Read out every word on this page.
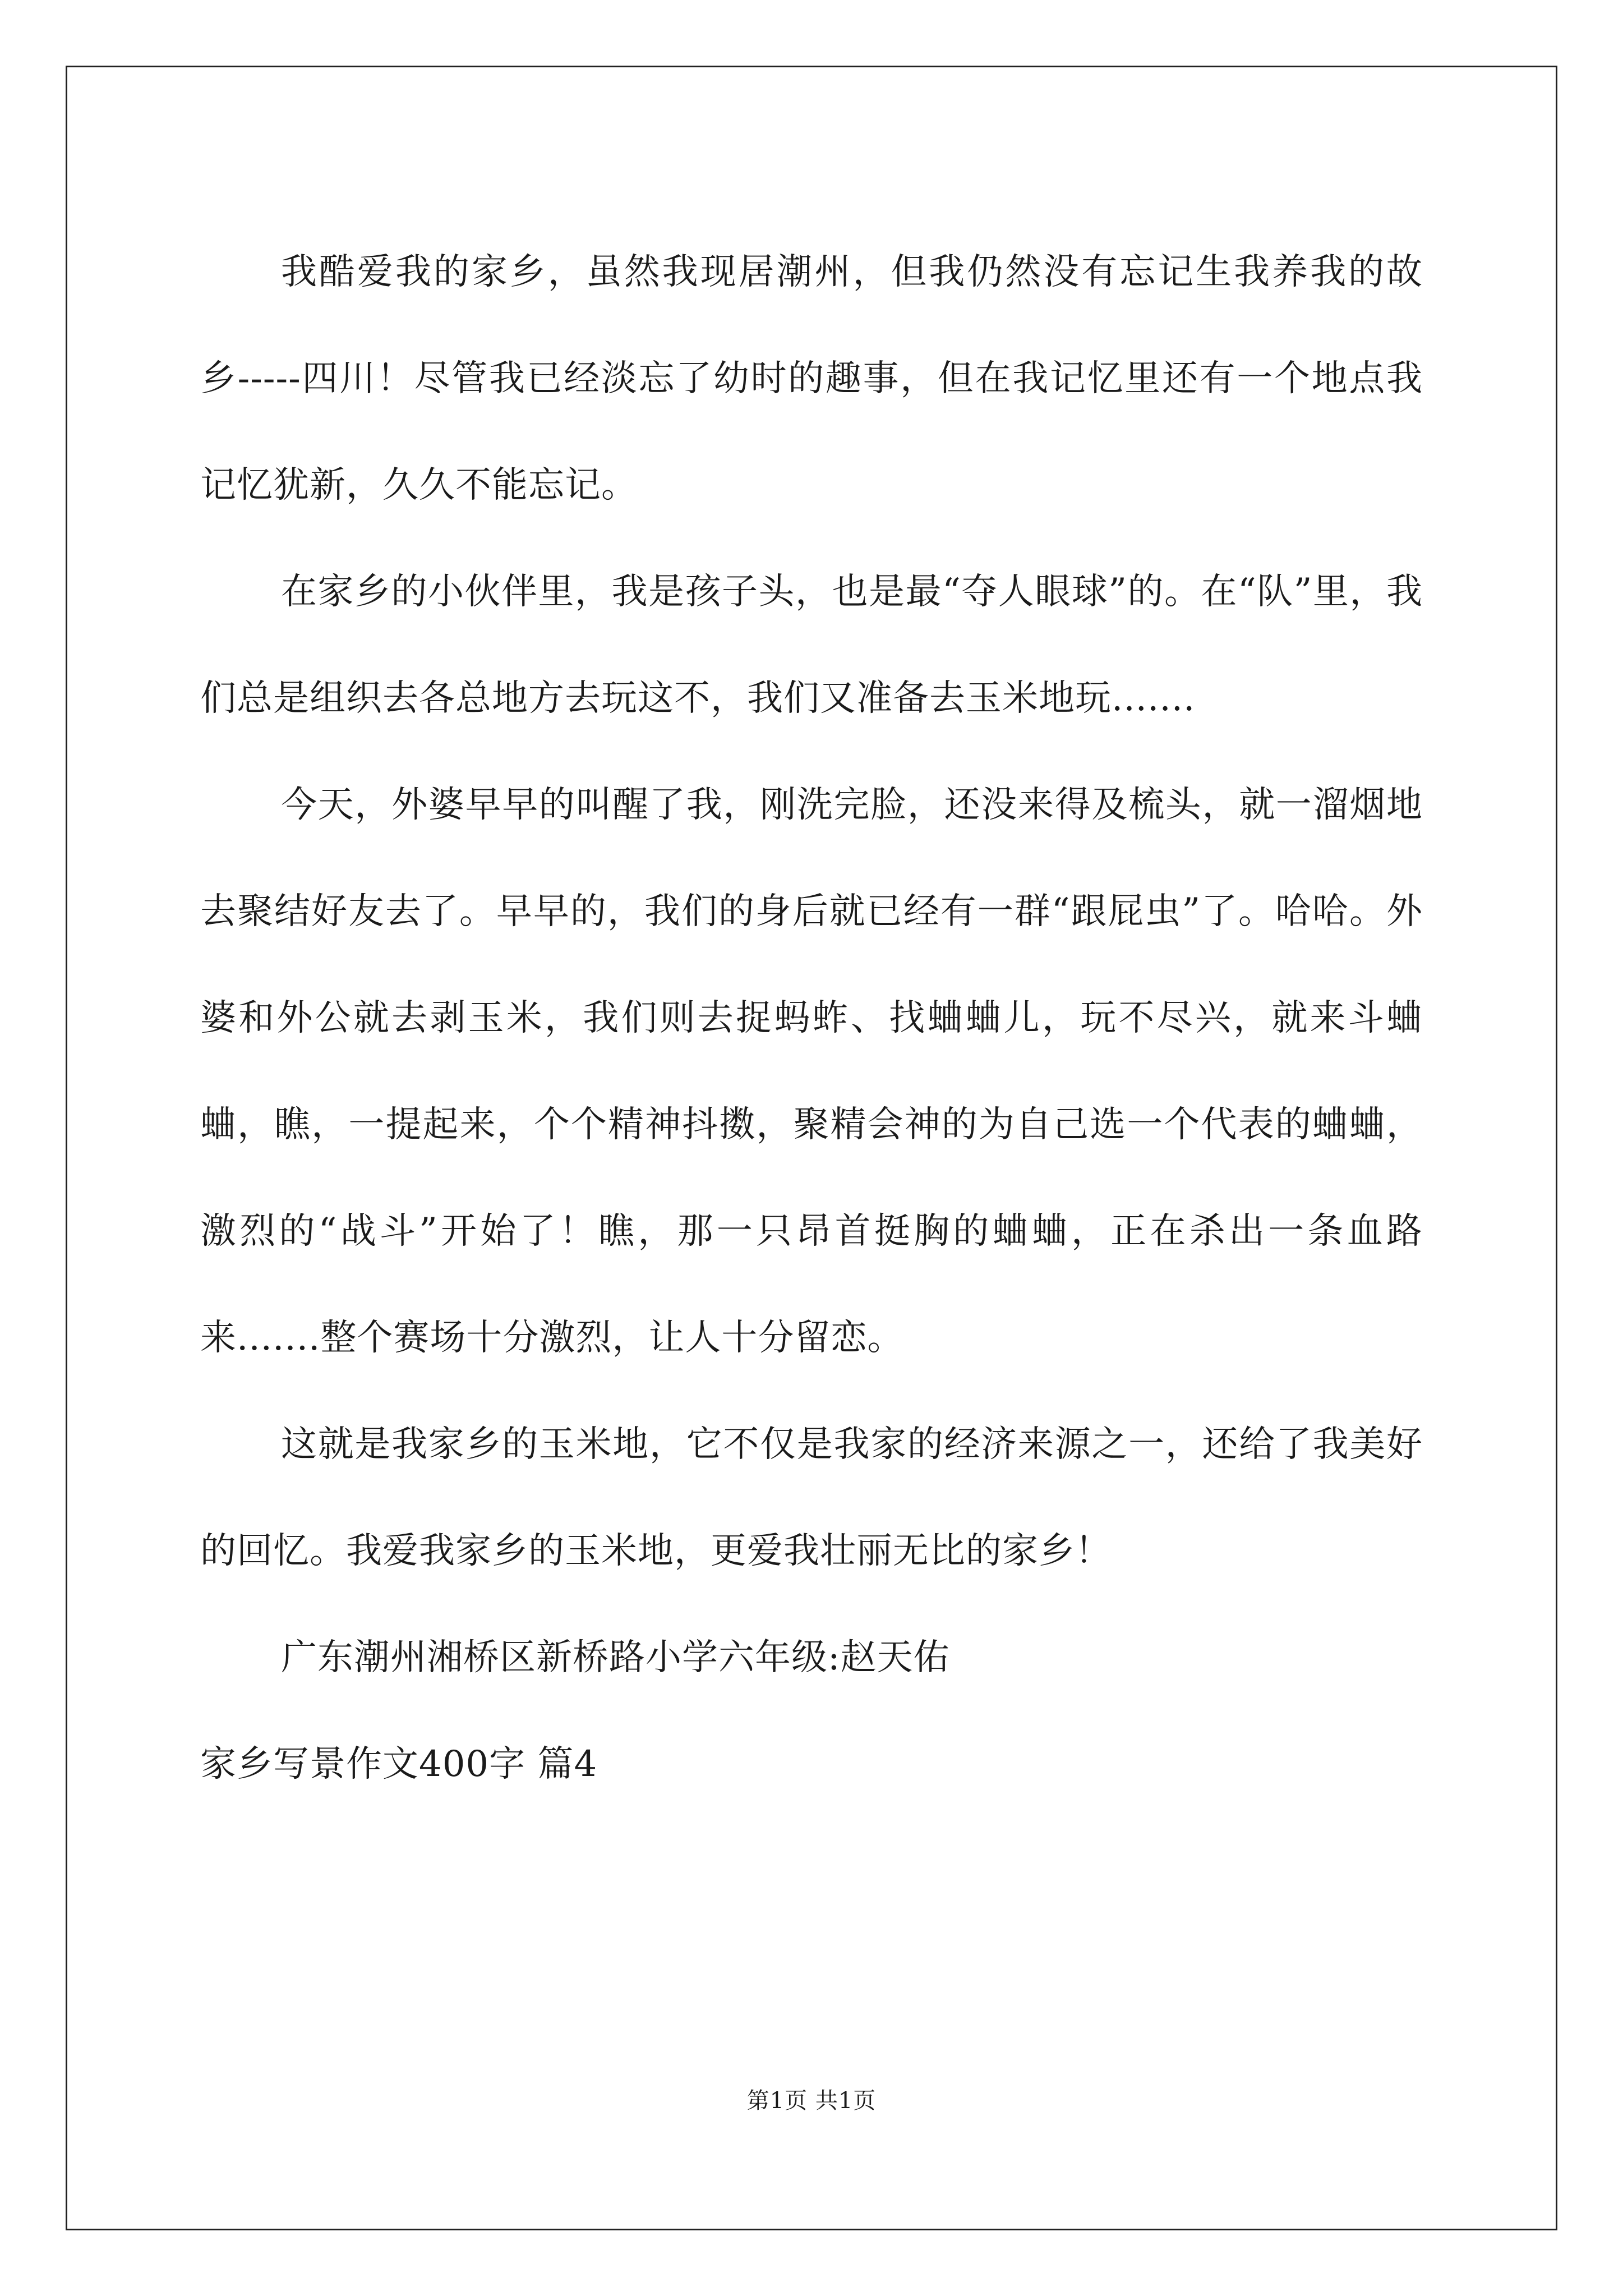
我酷爱我的家乡，虽然我现居潮州，但我仍然没有忘记生我养我的故乡-----四川！尽管我已经淡忘了幼时的趣事，但在我记忆里还有一个地点我记忆犹新，久久不能忘记。

在家乡的小伙伴里，我是孩子头，也是最“夺人眼球”的。在“队”里，我们总是组织去各总地方去玩这不，我们又准备去玉米地玩.......

今天，外婆早早的叫醒了我，刚洗完脸，还没来得及梳头，就一溜烟地去聚结好友去了。早早的，我们的身后就已经有一群“跟屁虫”了。哈哈。外婆和外公就去剥玉米，我们则去捉蚂蚱、找蛐蛐儿，玩不尽兴，就来斗蛐蛐，瞧，一提起来，个个精神抖擞，聚精会神的为自己选一个代表的蛐蛐，激烈的“战斗”开始了！瞧，那一只昂首挺胸的蛐蛐，正在杀出一条血路来.......整个赛场十分激烈，让人十分留恋。

这就是我家乡的玉米地，它不仅是我家的经济来源之一，还给了我美好的回忆。我爱我家乡的玉米地，更爱我壮丽无比的家乡！

广东潮州湘桥区新桥路小学六年级:赵天佑

家乡写景作文400字 篇4

第1页 共1页
